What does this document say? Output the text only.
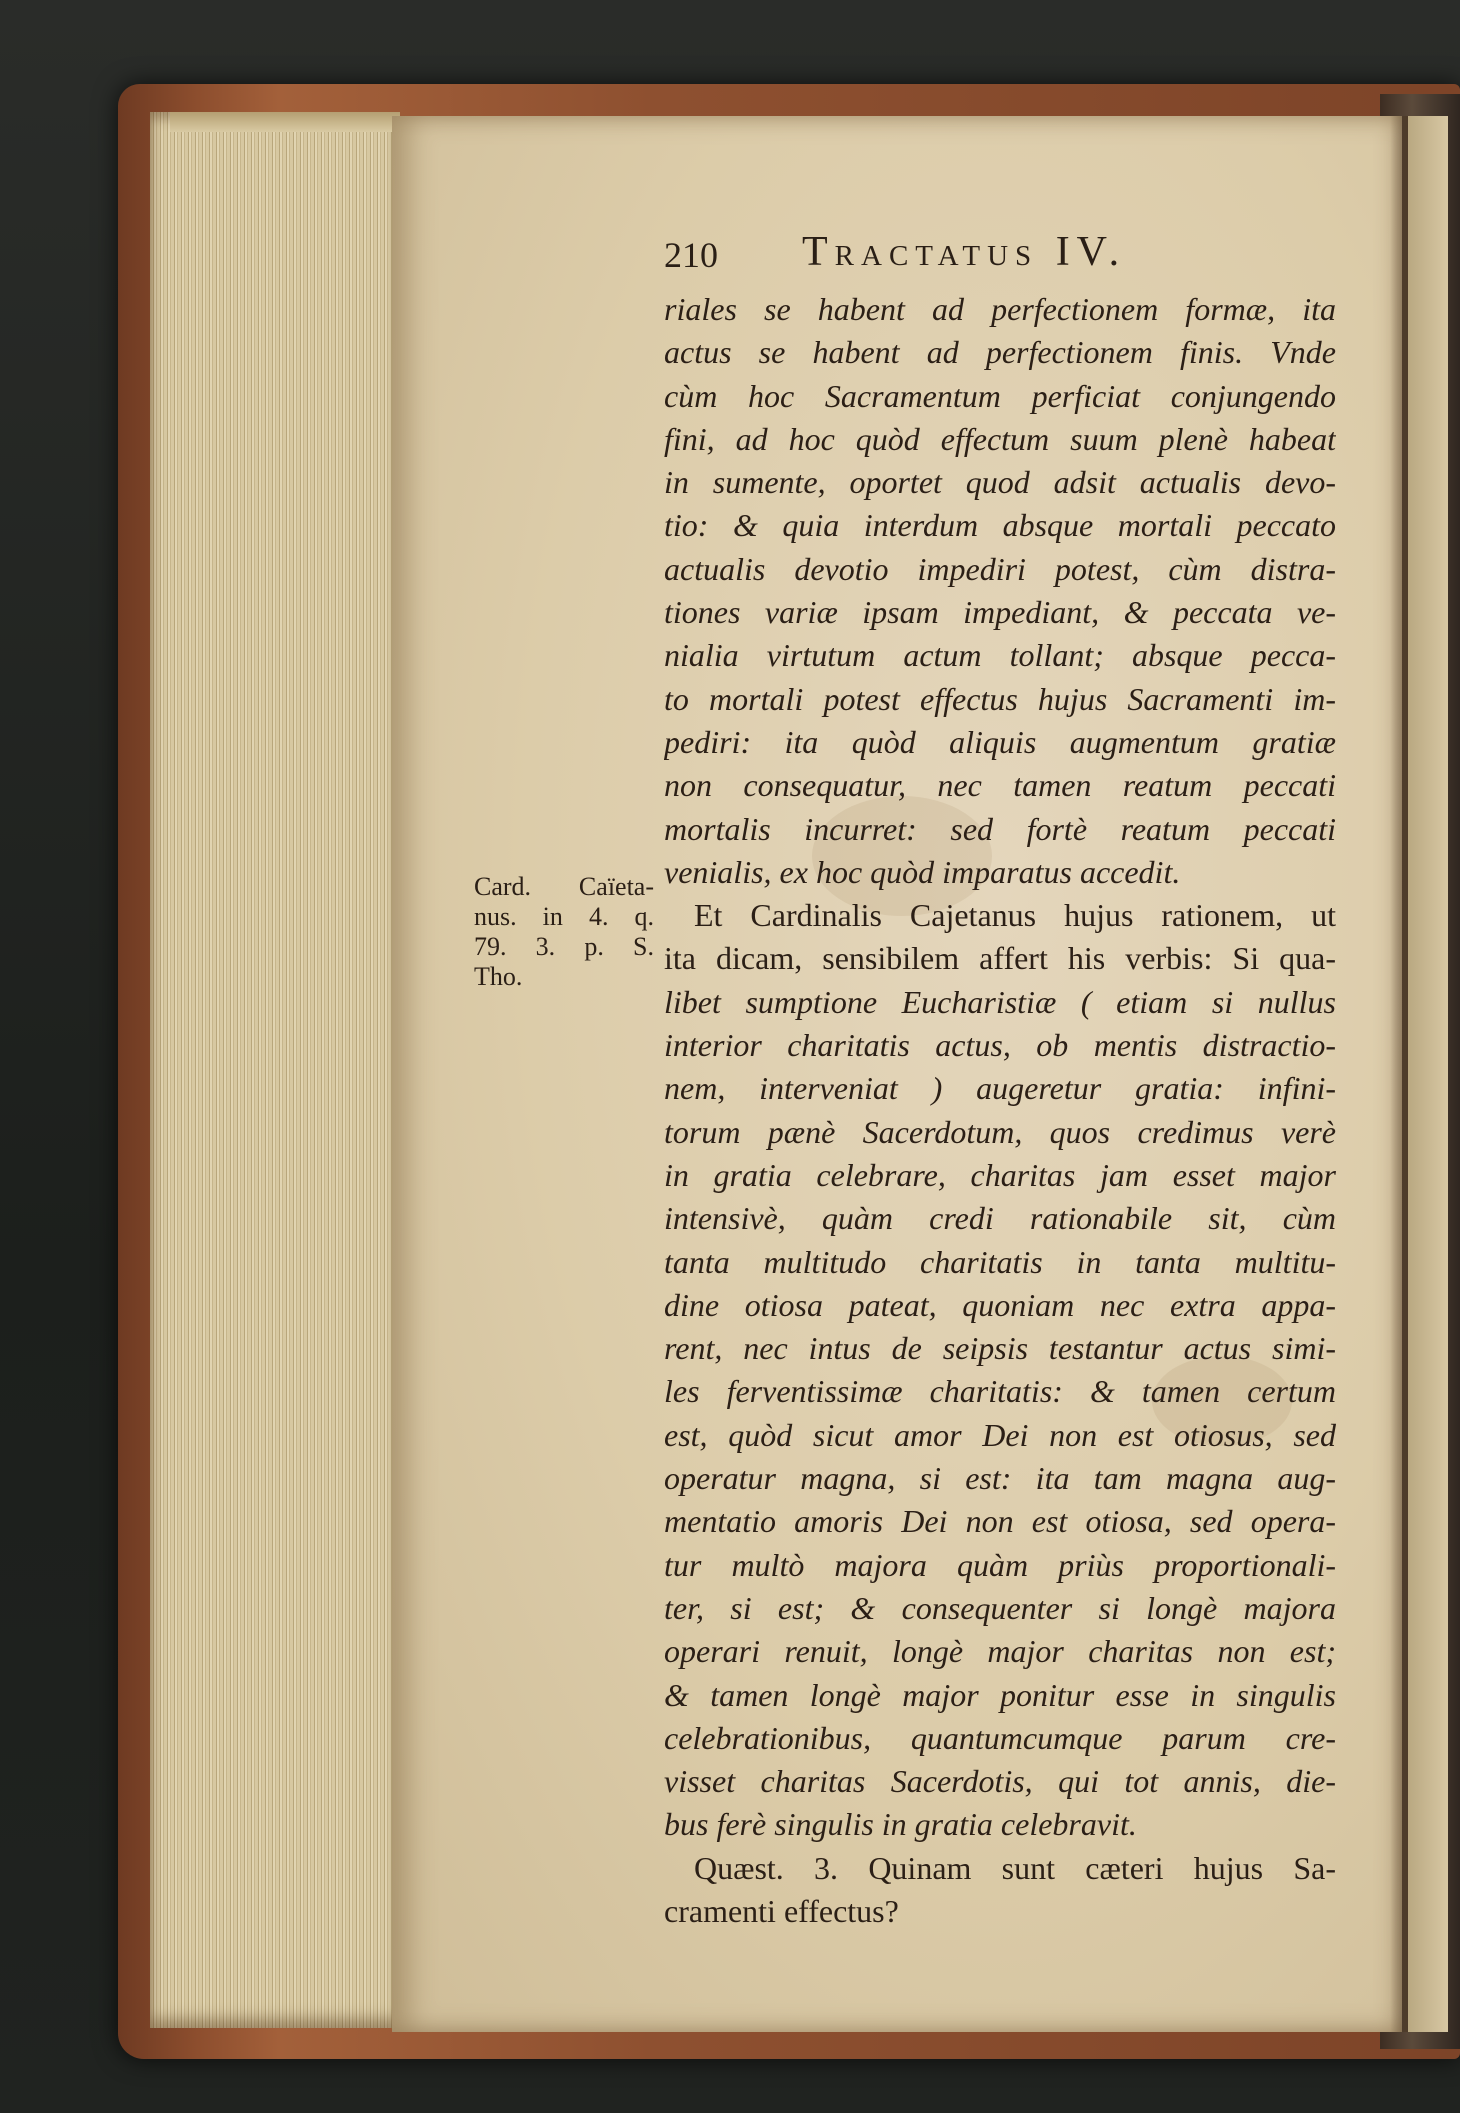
210 Tractatus IV.
riales se habent ad perfectionem formæ, ita
actus se habent ad perfectionem finis. Vnde
cùm hoc Sacramentum perficiat conjungendo
fini, ad hoc quòd effectum suum plenè habeat
in sumente, oportet quod adsit actualis devo-
tio: & quia interdum absque mortali peccato
actualis devotio impediri potest, cùm distra-
tiones variæ ipsam impediant, & peccata ve-
nialia virtutum actum tollant; absque pecca-
to mortali potest effectus hujus Sacramenti im-
pediri: ita quòd aliquis augmentum gratiæ
non consequatur, nec tamen reatum peccati
mortalis incurret: sed fortè reatum peccati
venialis, ex hoc quòd imparatus accedit.
Et Cardinalis Cajetanus hujus rationem, ut
ita dicam, sensibilem affert his verbis: Si qua-
libet sumptione Eucharistiæ ( etiam si nullus
interior charitatis actus, ob mentis distractio-
nem, interveniat ) augeretur gratia: infini-
torum pænè Sacerdotum, quos credimus verè
in gratia celebrare, charitas jam esset major
intensivè, quàm credi rationabile sit, cùm
tanta multitudo charitatis in tanta multitu-
dine otiosa pateat, quoniam nec extra appa-
rent, nec intus de seipsis testantur actus simi-
les ferventissimæ charitatis: & tamen certum
est, quòd sicut amor Dei non est otiosus, sed
operatur magna, si est: ita tam magna aug-
mentatio amoris Dei non est otiosa, sed opera-
tur multò majora quàm priùs proportionali-
ter, si est; & consequenter si longè majora
operari renuit, longè major charitas non est;
& tamen longè major ponitur esse in singulis
celebrationibus, quantumcumque parum cre-
visset charitas Sacerdotis, qui tot annis, die-
bus ferè singulis in gratia celebravit.
Quæst. 3. Quinam sunt cæteri hujus Sa-
cramenti effectus?
Card. Caïeta-
nus. in 4. q.
79. 3. p. S.
Tho.
